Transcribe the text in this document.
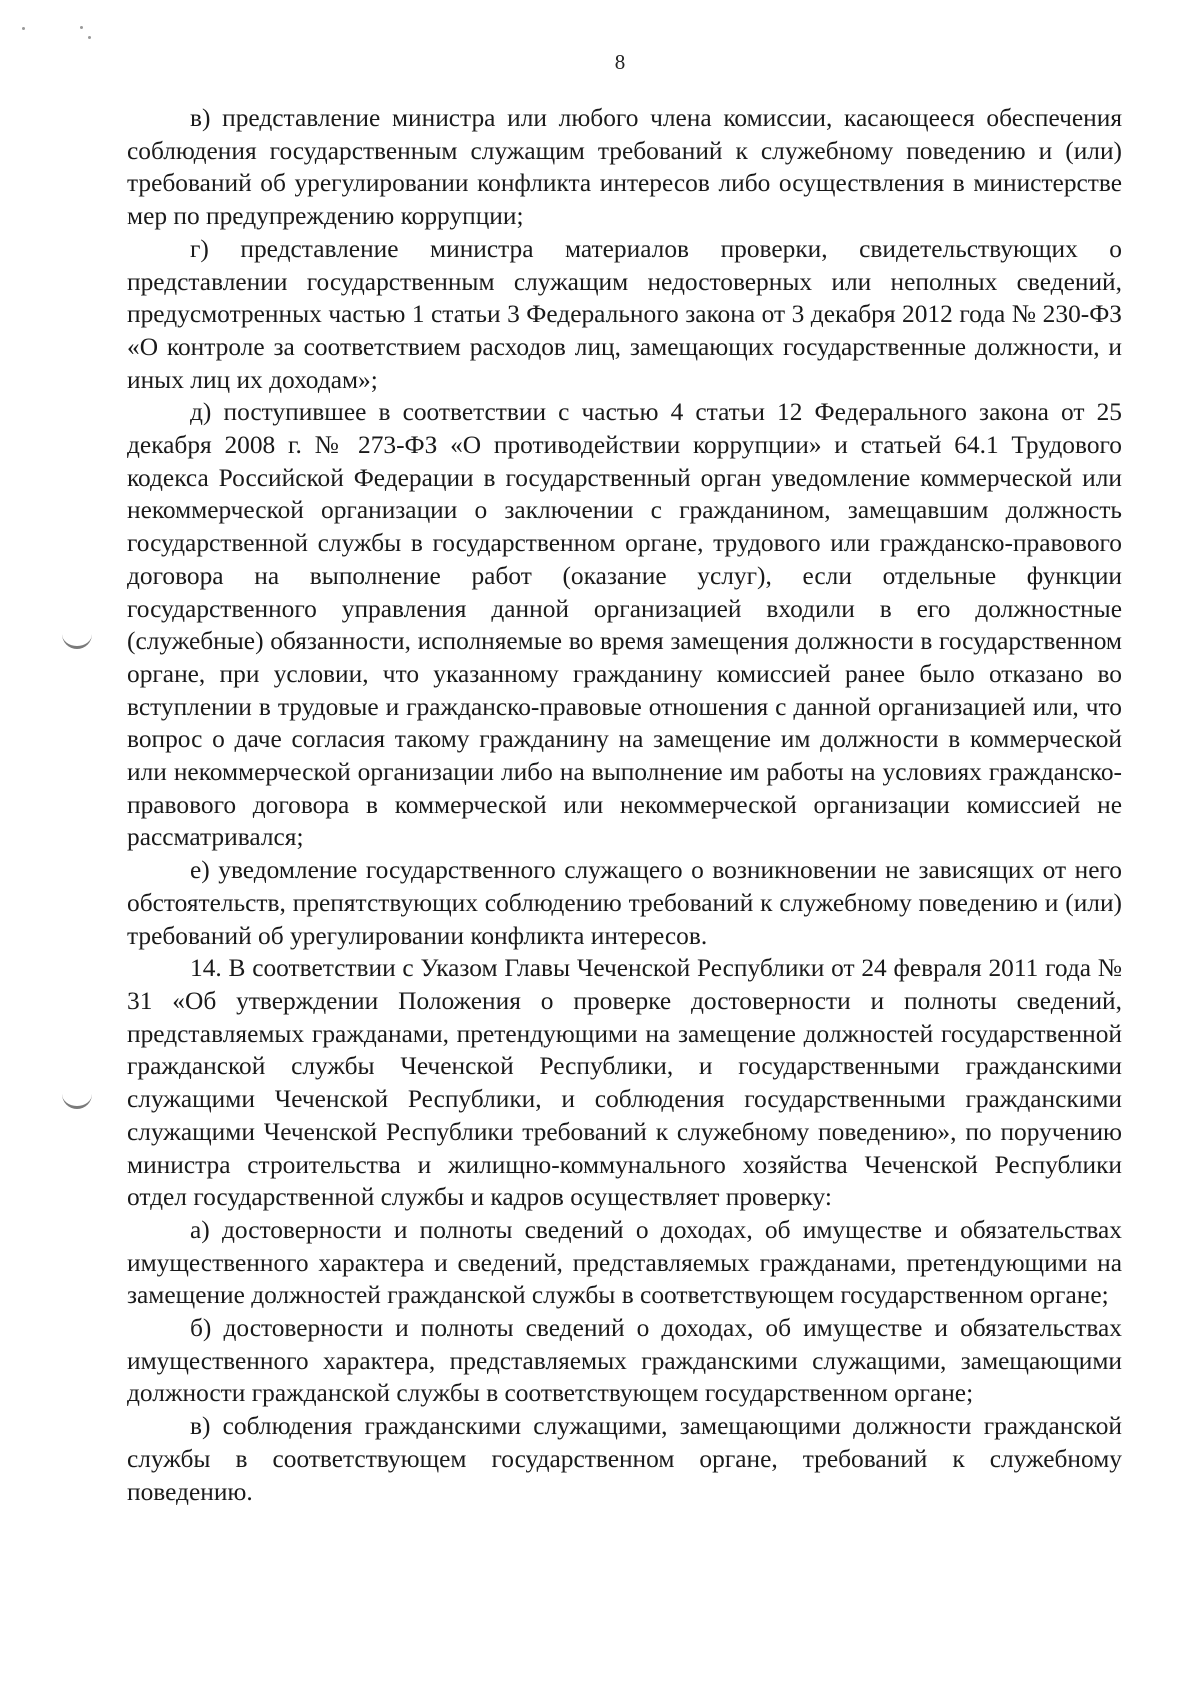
8

в) представление министра или любого члена комиссии, касающееся обеспечения соблюдения государственным служащим требований к служебному поведению и (или) требований об урегулировании конфликта интересов либо осуществления в министерстве мер по предупреждению коррупции;

г) представление министра материалов проверки, свидетельствующих о представлении государственным служащим недостоверных или неполных сведений, предусмотренных частью 1 статьи 3 Федерального закона от 3 декабря 2012 года № 230-ФЗ «О контроле за соответствием расходов лиц, замещающих государственные должности, и иных лиц их доходам»;

д) поступившее в соответствии с частью 4 статьи 12 Федерального закона от 25 декабря 2008 г. № 273-ФЗ «О противодействии коррупции» и статьей 64.1 Трудового кодекса Российской Федерации в государственный орган уведомление коммерческой или некоммерческой организации о заключении с гражданином, замещавшим должность государственной службы в государственном органе, трудового или гражданско-правового договора на выполнение работ (оказание услуг), если отдельные функции государственного управления данной организацией входили в его должностные (служебные) обязанности, исполняемые во время замещения должности в государственном органе, при условии, что указанному гражданину комиссией ранее было отказано во вступлении в трудовые и гражданско-правовые отношения с данной организацией или, что вопрос о даче согласия такому гражданину на замещение им должности в коммерческой или некоммерческой организации либо на выполнение им работы на условиях гражданско-правового договора в коммерческой или некоммерческой организации комиссией не рассматривался;

е) уведомление государственного служащего о возникновении не зависящих от него обстоятельств, препятствующих соблюдению требований к служебному поведению и (или) требований об урегулировании конфликта интересов.

14. В соответствии с Указом Главы Чеченской Республики от 24 февраля 2011 года № 31 «Об утверждении Положения о проверке достоверности и полноты сведений, представляемых гражданами, претендующими на замещение должностей государственной гражданской службы Чеченской Республики, и государственными гражданскими служащими Чеченской Республики, и соблюдения государственными гражданскими служащими Чеченской Республики требований к служебному поведению», по поручению министра строительства и жилищно-коммунального хозяйства Чеченской Республики отдел государственной службы и кадров осуществляет проверку:

а) достоверности и полноты сведений о доходах, об имуществе и обязательствах имущественного характера и сведений, представляемых гражданами, претендующими на замещение должностей гражданской службы в соответствующем государственном органе;

б) достоверности и полноты сведений о доходах, об имуществе и обязательствах имущественного характера, представляемых гражданскими служащими, замещающими должности гражданской службы в соответствующем государственном органе;

в) соблюдения гражданскими служащими, замещающими должности гражданской службы в соответствующем государственном органе, требований к служебному поведению.
